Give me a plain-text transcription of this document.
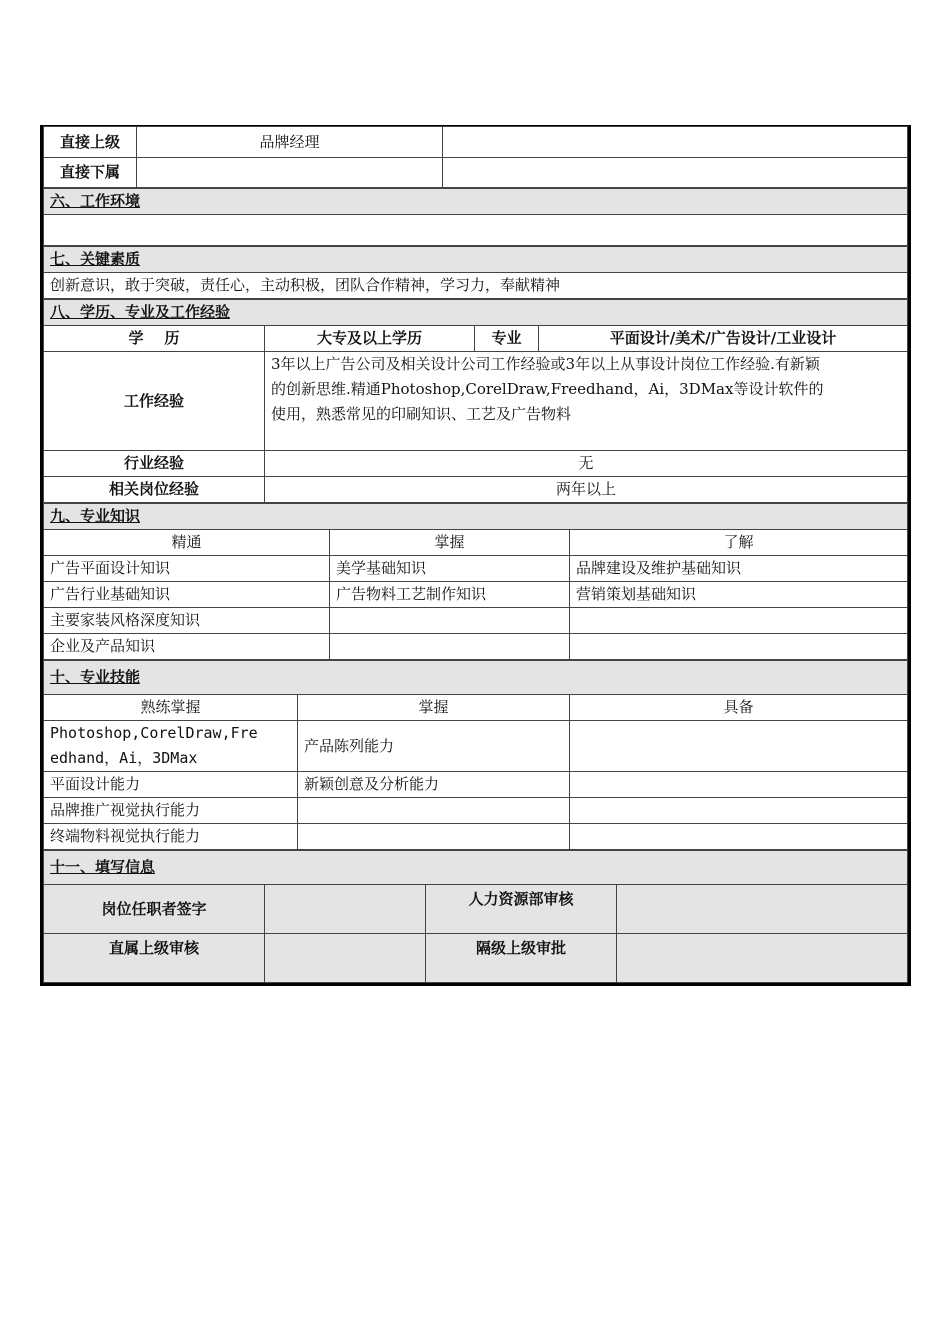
直接上级	品牌经理	
直接下属		
六、工作环境

七、关键素质
创新意识，敢于突破，责任心，主动积极，团队合作精神，学习力，奉献精神
八、学历、专业及工作经验			
学    历	大专及以上学历	专业	平面设计/美术/广告设计/工业设计
工作经验	3年以上广告公司及相关设计公司工作经验或3年以上从事设计岗位工作经验.有新颖
的创新思维.精通Photoshop,CorelDraw,Freedhand，Ai，3DMax等设计软件的
使用，熟悉常见的印刷知识、工艺及广告物料		

行业经验	无		
相关岗位经验	两年以上		
九、专业知识		
精通	掌握	了解
广告平面设计知识	美学基础知识	品牌建设及维护基础知识
广告行业基础知识	广告物料工艺制作知识	营销策划基础知识
主要家装风格深度知识		
企业及产品知识		
十、专业技能		
熟练掌握	掌握	具备

Photoshop,CorelDraw,Fre
edhand，Ai，3DMax	产品陈列能力	
平面设计能力	新颖创意及分析能力	
品牌推广视觉执行能力		
终端物料视觉执行能力		
十一、填写信息			
岗位任职者签字		人力资源部审核	
直属上级审核		隔级上级审批	
